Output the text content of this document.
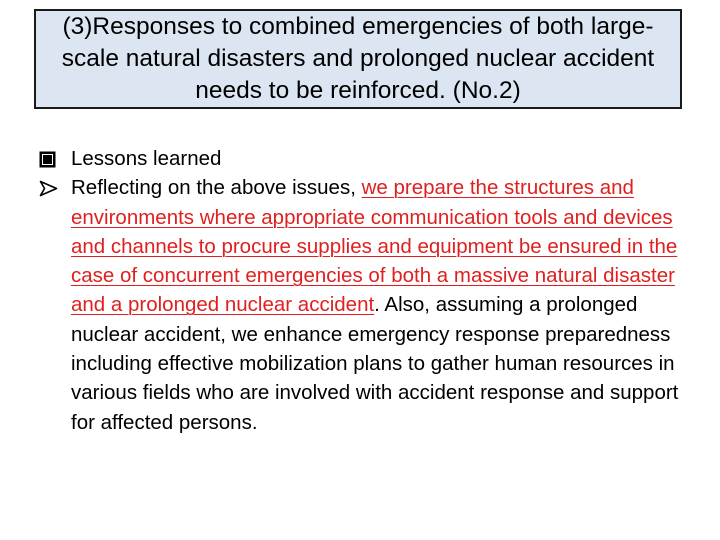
(3)Responses to combined emergencies of both large-scale natural disasters and prolonged nuclear accident needs to be reinforced. (No.2)
Lessons learned
Reflecting on the above issues, we prepare the structures and environments where appropriate communication tools and devices and channels to procure supplies and equipment be ensured in the case of concurrent emergencies of both a massive natural disaster and a prolonged nuclear accident. Also, assuming a prolonged nuclear accident, we enhance emergency response preparedness including effective mobilization plans to gather human resources in various fields who are involved with accident response and support for affected persons.
